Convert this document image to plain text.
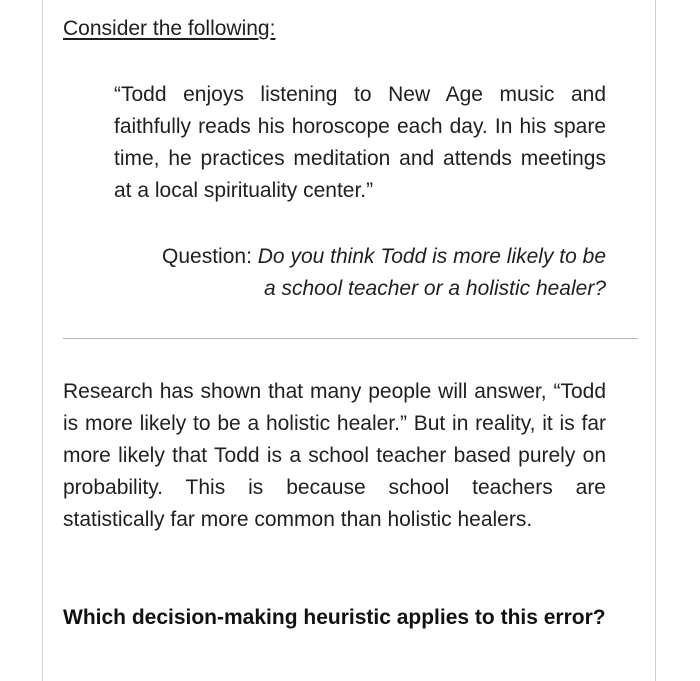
Consider the following:

“Todd enjoys listening to New Age music and faithfully reads his horoscope each day. In his spare time, he practices meditation and attends meetings at a local spirituality center.”

Question: Do you think Todd is more likely to be a school teacher or a holistic healer?

Research has shown that many people will answer, “Todd is more likely to be a holistic healer.” But in reality, it is far more likely that Todd is a school teacher based purely on probability. This is because school teachers are statistically far more common than holistic healers.

Which decision-making heuristic applies to this error?
